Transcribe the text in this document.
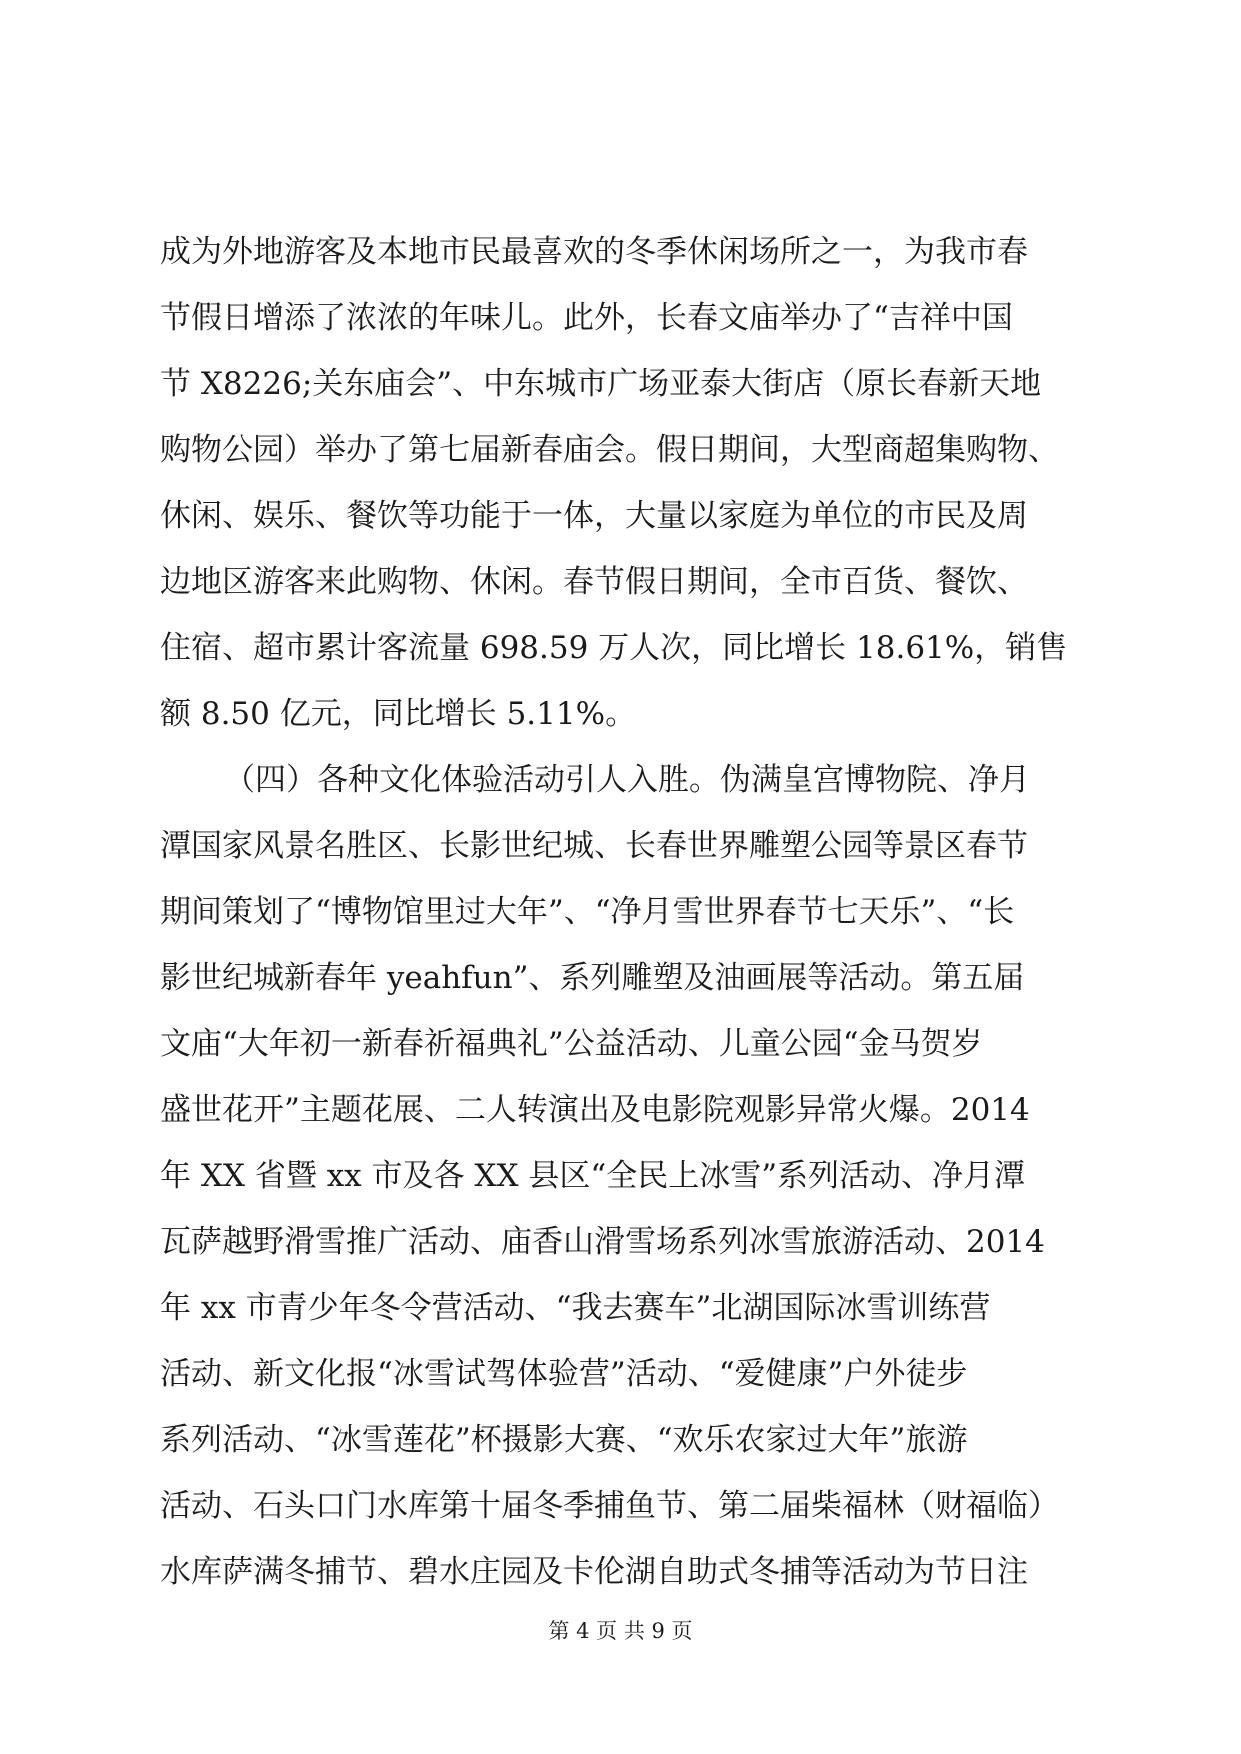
成为外地游客及本地市民最喜欢的冬季休闲场所之一，为我市春
节假日增添了浓浓的年味儿。此外，长春文庙举办了“吉祥中国
节 X8226;关东庙会”、中东城市广场亚泰大街店（原长春新天地
购物公园）举办了第七届新春庙会。假日期间，大型商超集购物、
休闲、娱乐、餐饮等功能于一体，大量以家庭为单位的市民及周
边地区游客来此购物、休闲。春节假日期间，全市百货、餐饮、
住宿、超市累计客流量 698.59 万人次，同比增长 18.61%，销售
额 8.50 亿元，同比增长 5.11%。
（四）各种文化体验活动引人入胜。伪满皇宫博物院、净月
潭国家风景名胜区、长影世纪城、长春世界雕塑公园等景区春节
期间策划了“博物馆里过大年”、“净月雪世界春节七天乐”、“长
影世纪城新春年 yeahfun”、系列雕塑及油画展等活动。第五届
文庙“大年初一新春祈福典礼”公益活动、儿童公园“金马贺岁
盛世花开”主题花展、二人转演出及电影院观影异常火爆。2014
年 XX 省暨 xx 市及各 XX 县区“全民上冰雪”系列活动、净月潭
瓦萨越野滑雪推广活动、庙香山滑雪场系列冰雪旅游活动、2014
年 xx 市青少年冬令营活动、“我去赛车”北湖国际冰雪训练营
活动、新文化报“冰雪试驾体验营”活动、“爱健康”户外徒步
系列活动、“冰雪莲花”杯摄影大赛、“欢乐农家过大年”旅游
活动、石头口门水库第十届冬季捕鱼节、第二届柴福林（财福临）
水库萨满冬捕节、碧水庄园及卡伦湖自助式冬捕等活动为节日注
第 4 页 共 9 页
